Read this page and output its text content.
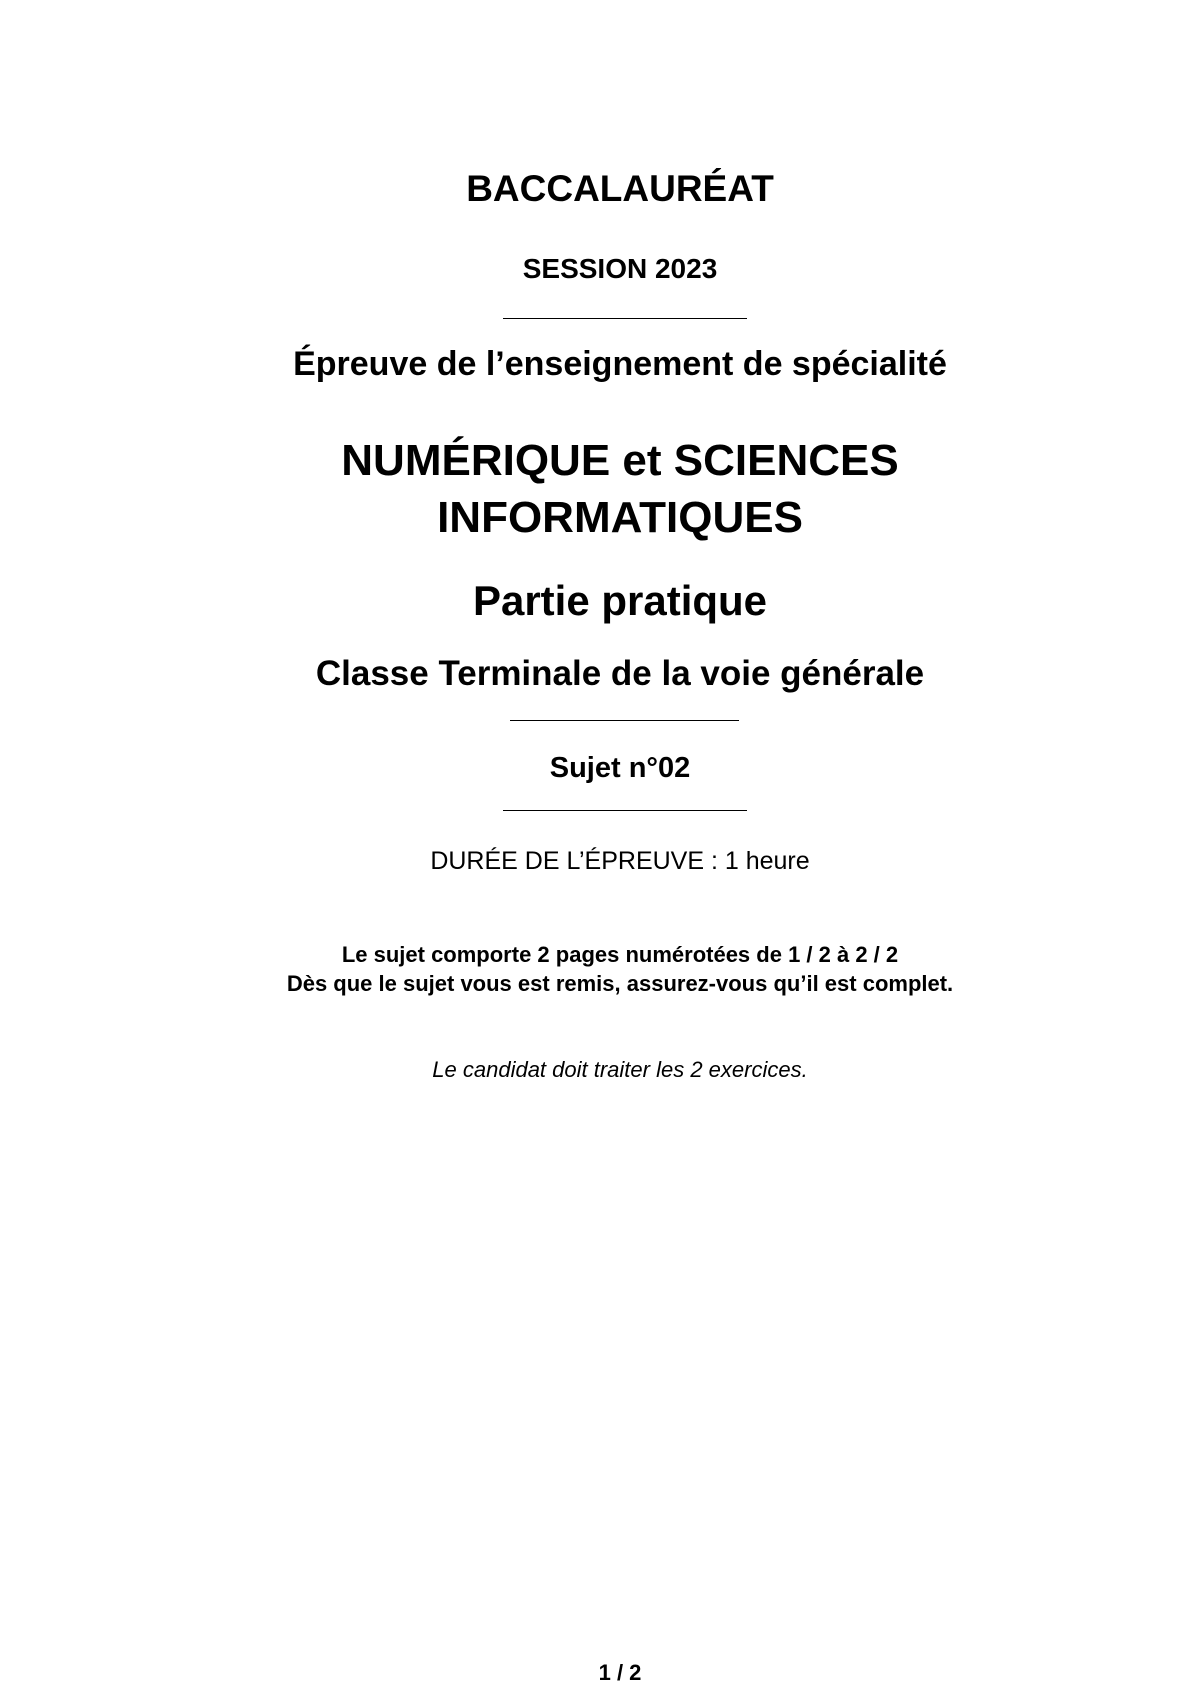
BACCALAURÉAT
SESSION 2023
Épreuve de l’enseignement de spécialité
NUMÉRIQUE et SCIENCES
INFORMATIQUES
Partie pratique
Classe Terminale de la voie générale
Sujet n°02
DURÉE DE L’ÉPREUVE : 1 heure
Le sujet comporte 2 pages numérotées de 1 / 2 à 2 / 2
Dès que le sujet vous est remis, assurez-vous qu’il est complet.
Le candidat doit traiter les 2 exercices.
1 / 2
